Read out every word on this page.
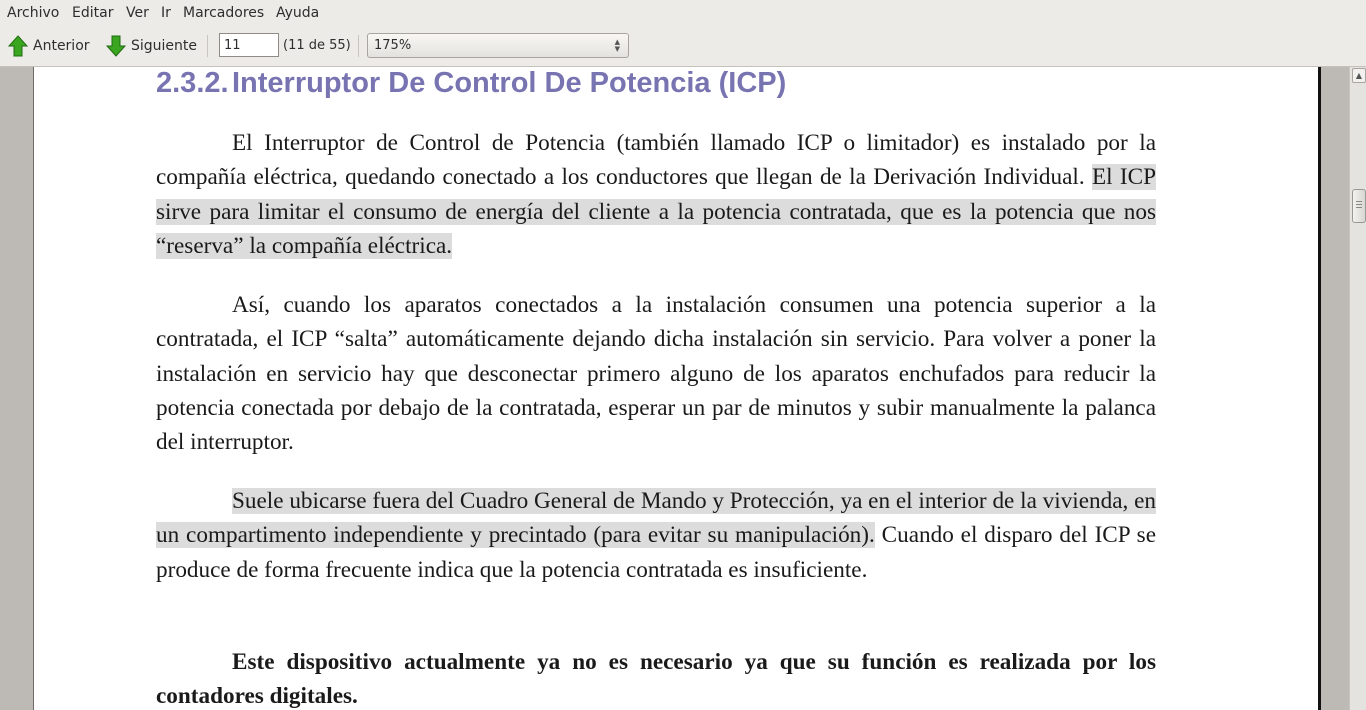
Archivo Editar Ver Ir Marcadores Ayuda
Anterior	Siguiente
11	(11 de 55) 175%	▲
▼
2.3.2. Interruptor De Control De Potencia (ICP)

El Interruptor de Control de Potencia (también llamado ICP o limitador) es instalado por la compañía eléctrica, quedando conectado a los conductores que llegan de la Derivación Individual. El ICP sirve para limitar el consumo de energía del cliente a la potencia contratada, que es la potencia que nos “reserva” la compañía eléctrica.

Así, cuando los aparatos conectados a la instalación consumen una potencia superior a la contratada, el ICP “salta” automáticamente dejando dicha instalación sin servicio. Para volver a poner la instalación en servicio hay que desconectar primero alguno de los aparatos enchufados para reducir la potencia conectada por debajo de la contratada, esperar un par de minutos y subir manualmente la palanca del interruptor.

Suele ubicarse fuera del Cuadro General de Mando y Protección, ya en el interior de la vivienda, en un compartimento independiente y precintado (para evitar su manipulación). Cuando el disparo del ICP se produce de forma frecuente indica que la potencia contratada es insuficiente.

Este dispositivo actualmente ya no es necesario ya que su función es realizada por los contadores digitales.

▲
